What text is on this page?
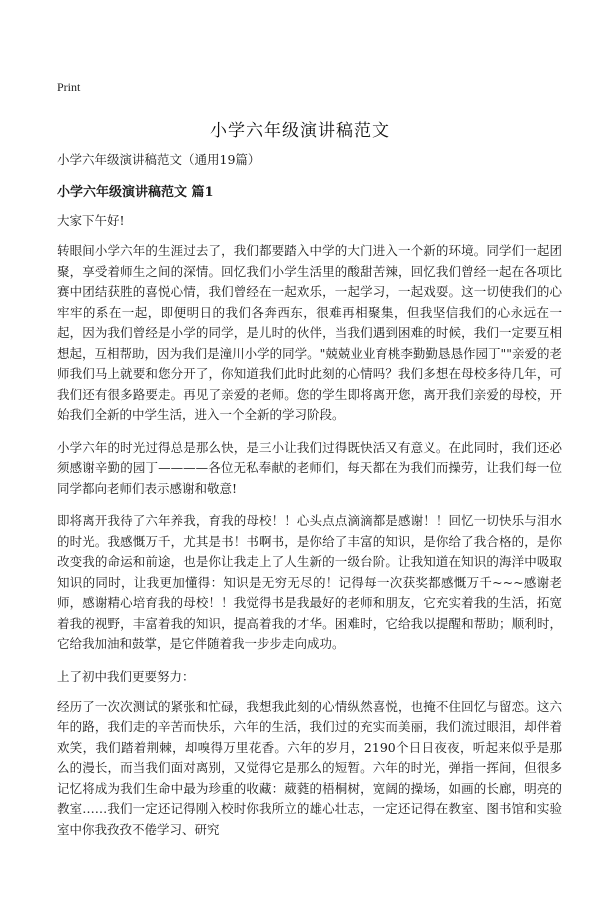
Print
小学六年级演讲稿范文
小学六年级演讲稿范文（通用19篇）
小学六年级演讲稿范文 篇1
大家下午好!

转眼间小学六年的生涯过去了，我们都要踏入中学的大门进入一个新的环境。同学们一起团聚，享受着师生之间的深情。回忆我们小学生活里的酸甜苦辣，回忆我们曾经一起在各项比赛中团结获胜的喜悦心情，我们曾经在一起欢乐，一起学习，一起戏耍。这一切使我们的心牢牢的系在一起，即便明日的我们各奔西东，很难再相聚集，但我坚信我们的心永远在一起，因为我们曾经是小学的同学，是儿时的伙伴，当我们遇到困难的时候，我们一定要互相想起，互相帮助，因为我们是潼川小学的同学。"兢兢业业育桃李勤勤恳恳作园丁""亲爱的老师我们马上就要和您分开了，你知道我们此时此刻的心情吗？我们多想在母校多待几年，可我们还有很多路要走。再见了亲爱的老师。您的学生即将离开您，离开我们亲爱的母校，开始我们全新的中学生活，进入一个全新的学习阶段。

小学六年的时光过得总是那么快，是三小让我们过得既快活又有意义。在此同时，我们还必须感谢辛勤的园丁————各位无私奉献的老师们，每天都在为我们而操劳，让我们每一位同学都向老师们表示感谢和敬意!

即将离开我待了六年养我，育我的母校！！心头点点滴滴都是感谢！！回忆一切快乐与泪水的时光。我感慨万千，尤其是书！书啊书，是你给了丰富的知识，是你给了我合格的，是你改变我的命运和前途，也是你让我走上了人生新的一级台阶。让我知道在知识的海洋中吸取知识的同时，让我更加懂得：知识是无穷无尽的！记得每一次获奖都感慨万千~~~感谢老师，感谢精心培育我的母校！！我觉得书是我最好的老师和朋友，它充实着我的生活，拓宽着我的视野，丰富着我的知识，提高着我的才华。困难时，它给我以提醒和帮助；顺利时，它给我加油和鼓掌，是它伴随着我一步步走向成功。

上了初中我们更要努力：

经历了一次次测试的紧张和忙碌，我想我此刻的心情纵然喜悦，也掩不住回忆与留恋。这六年的路，我们走的辛苦而快乐，六年的生活，我们过的充实而美丽，我们流过眼泪，却伴着欢笑，我们踏着荆棘，却嗅得万里花香。六年的岁月，2190个日日夜夜，听起来似乎是那么的漫长，而当我们面对离别，又觉得它是那么的短暂。六年的时光，弹指一挥间，但很多记忆将成为我们生命中最为珍重的收藏：葳蕤的梧桐树，宽阔的操场，如画的长廊，明亮的教室……我们一定还记得刚入校时你我所立的雄心壮志，一定还记得在教室、图书馆和实验室中你我孜孜不倦学习、研究
